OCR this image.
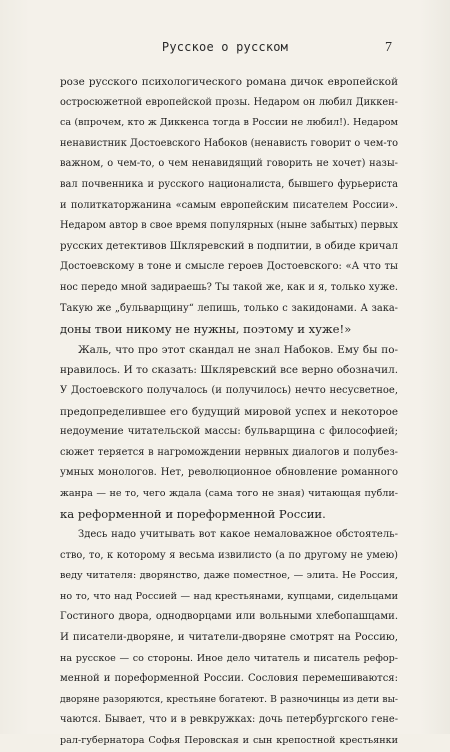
Русское о русском	7
розе русского психологического романа дичок европейской
остросюжетной европейской прозы. Недаром он любил Диккен-
са (впрочем, кто ж Диккенса тогда в России не любил!). Недаром
ненавистник Достоевского Набоков (ненависть говорит о чем-то
важном, о чем-то, о чем ненавидящий говорить не хочет) назы-
вал почвенника и русского националиста, бывшего фурьериста
и политкаторжанина «самым европейским писателем России».
Недаром автор в свое время популярных (ныне забытых) первых
русских детективов Шкляревский в подпитии, в обиде кричал
Достоевскому в тоне и смысле героев Достоевского: «А что ты
нос передо мной задираешь? Ты такой же, как и я, только хуже.
Такую же „бульварщину“ лепишь, только с закидонами. А зака-
доны твои никому не нужны, поэтому и хуже!»
Жаль, что про этот скандал не знал Набоков. Ему бы по-
нравилось. И то сказать: Шкляревский все верно обозначил.
У Достоевского получалось (и получилось) нечто несусветное,
предопределившее его будущий мировой успех и некоторое
недоумение читательской массы: бульварщина с философией;
сюжет теряется в нагромождении нервных диалогов и полубез-
умных монологов. Нет, революционное обновление романного
жанра — не то, чего ждала (сама того не зная) читающая публи-
ка реформенной и пореформенной России.
Здесь надо учитывать вот какое немаловажное обстоятель-
ство, то, к которому я весьма извилисто (а по другому не умею)
веду читателя: дворянство, даже поместное, — элита. Не Россия,
но то, что над Россией — над крестьянами, купцами, сидельцами
Гостиного двора, однодворцами или вольными хлебопашцами.
И писатели-дворяне, и читатели-дворяне смотрят на Россию,
на русское — со стороны. Иное дело читатель и писатель рефор-
менной и пореформенной России. Сословия перемешиваются:
дворяне разоряются, крестьяне богатеют. В разночинцы из дети вы-
чаются. Бывает, что и в ревкружках: дочь петербургского гене-
рал-губернатора Софья Перовская и сын крепостной крестьянки
